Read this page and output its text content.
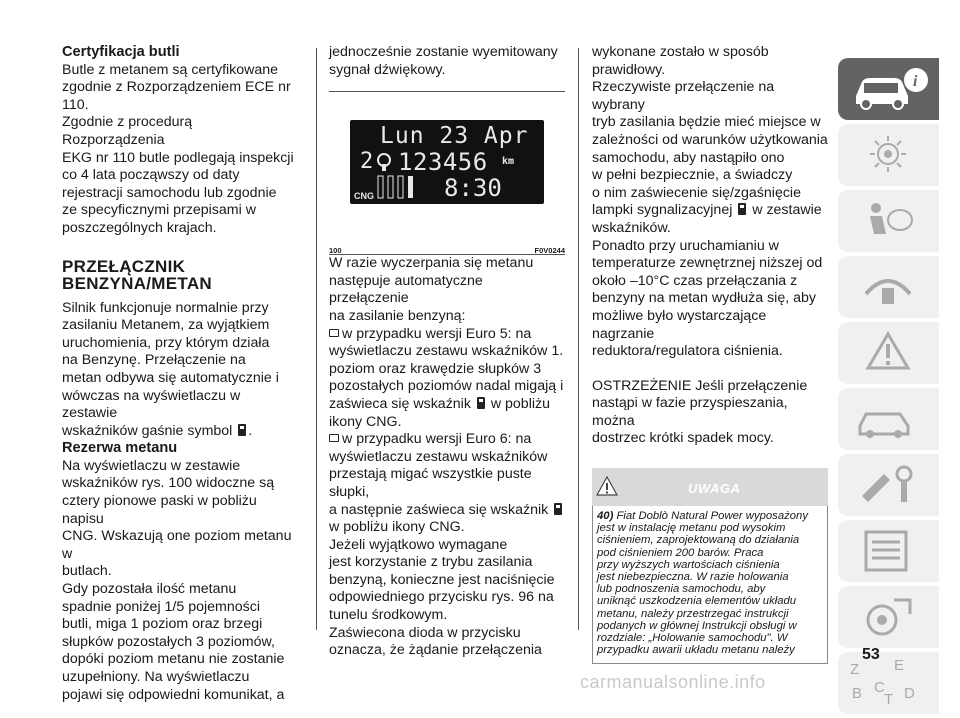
Certyfikacja butli

Butle z metanem są certyfikowane
zgodnie z Rozporządzeniem ECE nr
110.

Zgodnie z procedurą Rozporządzenia
EKG nr 110 butle podlegają inspekcji
co 4 lata począwszy od daty
rejestracji samochodu lub zgodnie
ze specyficznymi przepisami w
poszczególnych krajach.

PRZEŁĄCZNIK
BENZYNA/METAN

Silnik funkcjonuje normalnie przy
zasilaniu Metanem, za wyjątkiem
uruchomienia, przy którym działa
na Benzynę. Przełączenie na
metan odbywa się automatycznie i
wówczas na wyświetlaczu w zestawie
wskaźników gaśnie symbol .

Rezerwa metanu

Na wyświetlaczu w zestawie
wskaźników rys. 100 widoczne są
cztery pionowe paski w pobliżu napisu
CNG. Wskazują one poziom metanu w
butlach.

Gdy pozostała ilość metanu
spadnie poniżej 1/5 pojemności
butli, miga 1 poziom oraz brzegi
słupków pozostałych 3 poziomów,
dopóki poziom metanu nie zostanie
uzupełniony. Na wyświetlaczu
pojawi się odpowiedni komunikat, a

jednocześnie zostanie wyemitowany
sygnał dźwiękowy.

Lun 23 Apr
2 123456 km
CNG	8:30
100	F0V0244

W razie wyczerpania się metanu
następuje automatyczne przełączenie
na zasilanie benzyną:

w przypadku wersji Euro 5: na
wyświetlaczu zestawu wskaźników 1.
poziom oraz krawędzie słupków 3
pozostałych poziomów nadal migają i
zaświeca się wskaźnik w pobliżu
ikony CNG.

w przypadku wersji Euro 6: na
wyświetlaczu zestawu wskaźników
przestają migać wszystkie puste słupki,
a następnie zaświeca się wskaźnik
w pobliżu ikony CNG.

Jeżeli wyjątkowo wymagane
jest korzystanie z trybu zasilania
benzyną, konieczne jest naciśnięcie
odpowiedniego przycisku rys. 96 na
tunelu środkowym.

Zaświecona dioda w przycisku
oznacza, że żądanie przełączenia

wykonane zostało w sposób
prawidłowy.

Rzeczywiste przełączenie na wybrany
tryb zasilania będzie mieć miejsce w
zależności od warunków użytkowania
samochodu, aby nastąpiło ono
w pełni bezpiecznie, a świadczy
o nim zaświecenie się/zgaśnięcie
lampki sygnalizacyjnej w zestawie
wskaźników.

Ponadto przy uruchamianiu w
temperaturze zewnętrznej niższej od
około –10°C czas przełączania z
benzyny na metan wydłuża się, aby
możliwe było wystarczające nagrzanie
reduktora/regulatora ciśnienia.

OSTRZEŻENIE Jeśli przełączenie
nastąpi w fazie przyspieszania, można
dostrzec krótki spadek mocy.

UWAGA
40) Fiat Doblò Natural Power wyposażony
jest w instalację metanu pod wysokim
ciśnieniem, zaprojektowaną do działania
pod ciśnieniem 200 barów. Praca
przy wyższych wartościach ciśnienia
jest niebezpieczna. W razie holowania
lub podnoszenia samochodu, aby
uniknąć uszkodzenia elementów układu
metanu, należy przestrzegać instrukcji
podanych w głównej Instrukcji obsługi w
rozdziale: „Holowanie samochodu". W
przypadku awarii układu metanu należy
i
Z E
B C
T D
53
carmanualsonline.info
